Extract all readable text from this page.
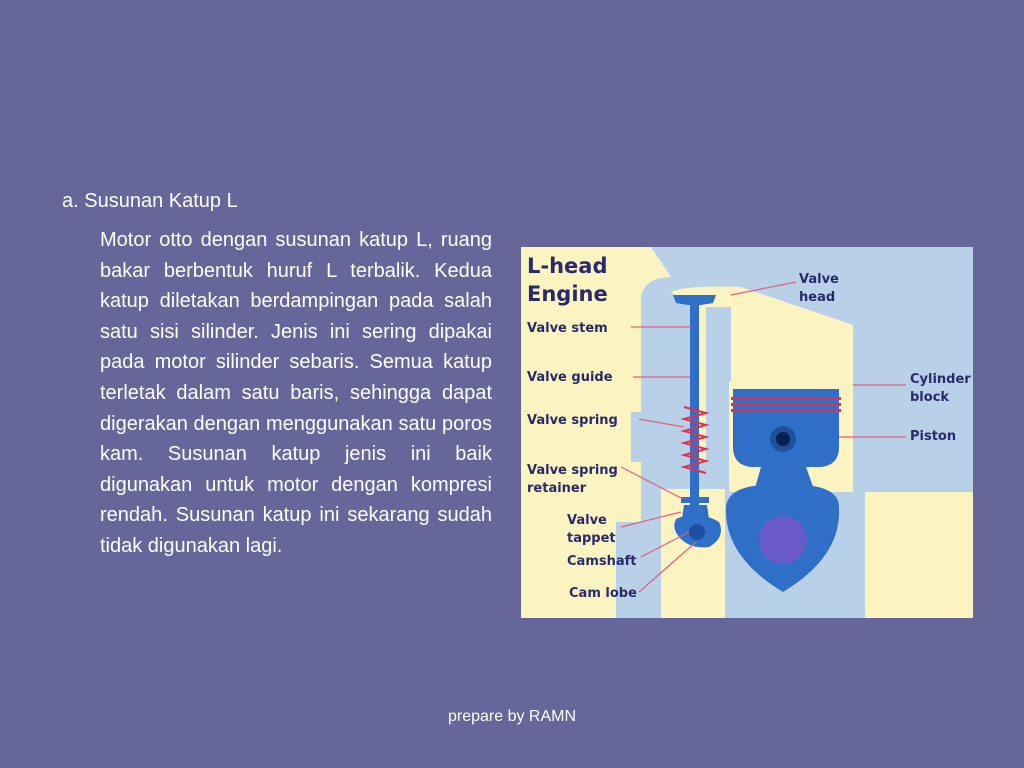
a. Susunan Katup L

Motor otto dengan susunan katup L, ruang bakar berbentuk huruf L terbalik. Kedua katup diletakan berdampingan pada salah satu sisi silinder. Jenis ini sering dipakai pada motor silinder sebaris. Semua katup terletak dalam satu baris, sehingga dapat digerakan dengan menggunakan satu poros kam. Susunan katup jenis ini baik digunakan untuk motor dengan kompresi rendah. Susunan katup ini sekarang sudah tidak digunakan lagi.

L-head
Engine
Valve
head
Valve stem
Valve guide
Valve spring
Valve spring
retainer
Valve
tappet
Camshaft
Cam lobe
Cylinder
block
Piston
prepare by RAMN
